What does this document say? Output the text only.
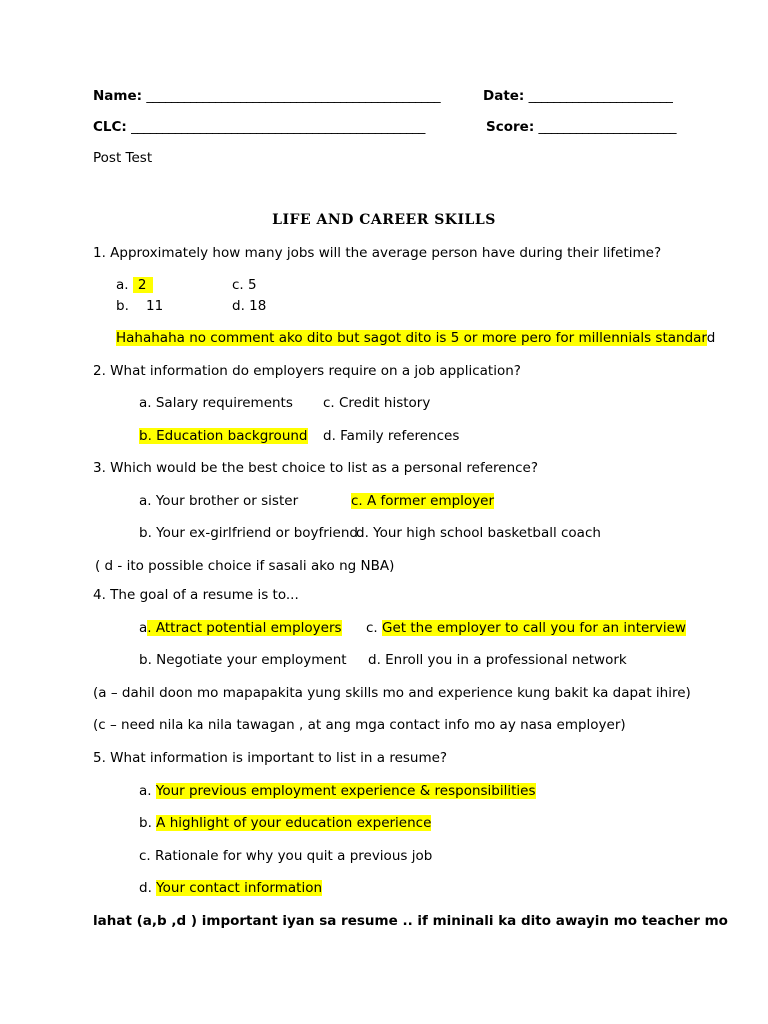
Name: _______________________________________________	Date: _______________________
CLC: _______________________________________________	Score: ______________________
Post Test
LIFE AND CAREER SKILLS
1. Approximately how many jobs will the average person have during their lifetime?
a. 2	c. 5
b.    11	d. 18
Hahahaha no comment ako dito but sagot dito is 5 or more pero for millennials standard
2. What information do employers require on a job application?
a. Salary requirements c. Credit history
b. Education background d. Family references
3. Which would be the best choice to list as a personal reference?
a. Your brother or sister	c. A former employer
b. Your ex-girlfriend or boyfriend
d. Your high school basketball coach
( d - ito possible choice if sasali ako ng NBA)
4. The goal of a resume is to...
a. Attract potential employers c. Get the employer to call you for an interview
b. Negotiate your employment d. Enroll you in a professional network
(a – dahil doon mo mapapakita yung skills mo and experience kung bakit ka dapat ihire)
(c – need nila ka nila tawagan , at ang mga contact info mo ay nasa employer)
5. What information is important to list in a resume?
a. Your previous employment experience & responsibilities
b. A highlight of your education experience
c. Rationale for why you quit a previous job
d. Your contact information
lahat (a,b ,d ) important iyan sa resume .. if mininali ka dito awayin mo teacher mo
